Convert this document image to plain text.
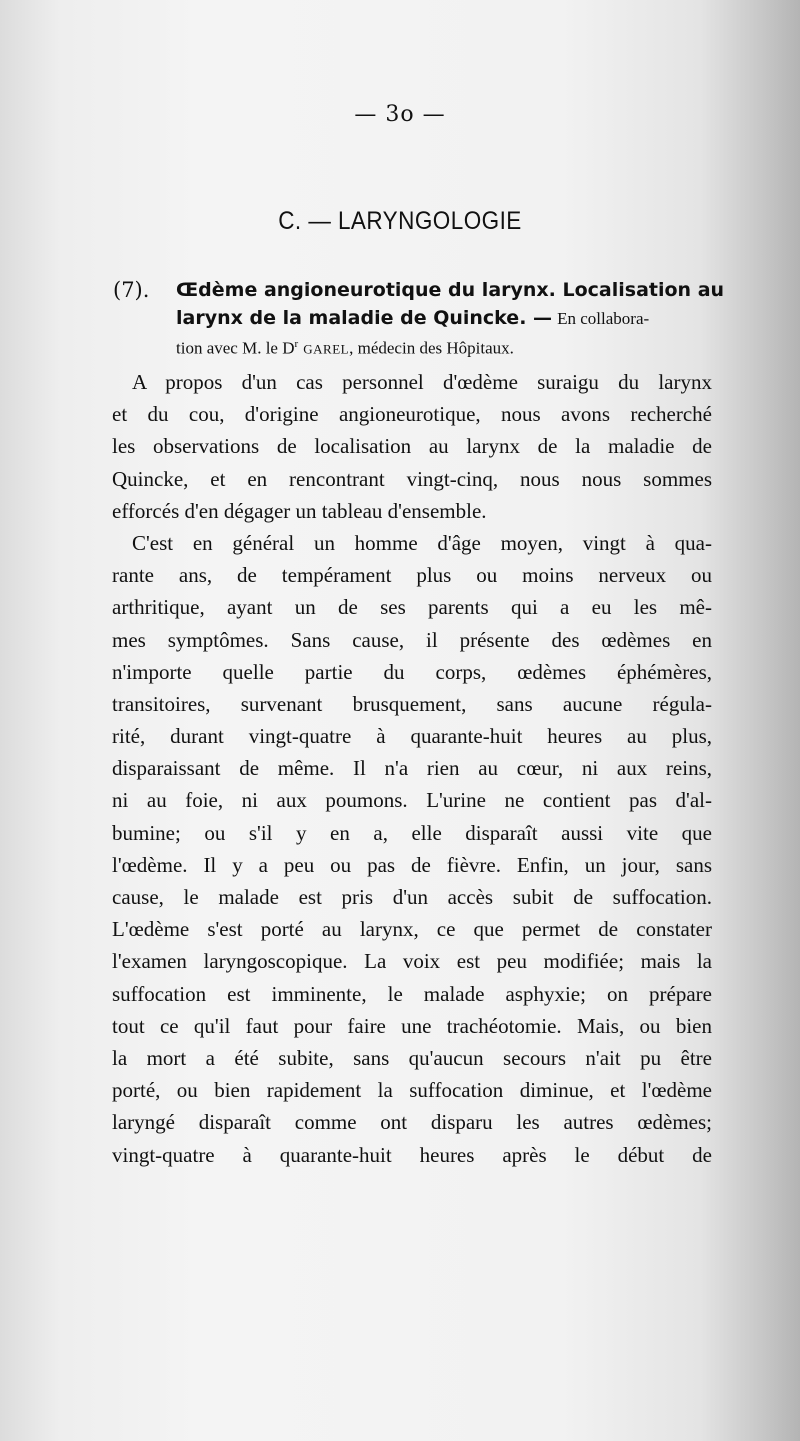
— 3o —
C. — LARYNGOLOGIE
(7). Œdème angioneurotique du larynx. Localisation au
larynx de la maladie de Quincke. — En collabora-
tion avec M. le D$^r$ GAREL, médecin des Hôpitaux.
A propos d'un cas personnel d'œdème suraigu du larynx
et du cou, d'origine angioneurotique, nous avons recherché
les observations de localisation au larynx de la maladie de
Quincke, et en rencontrant vingt-cinq, nous nous sommes
efforcés d'en dégager un tableau d'ensemble.
C'est en général un homme d'âge moyen, vingt à qua-
rante ans, de tempérament plus ou moins nerveux ou
arthritique, ayant un de ses parents qui a eu les mê-
mes symptômes. Sans cause, il présente des œdèmes en
n'importe quelle partie du corps, œdèmes éphémères,
transitoires, survenant brusquement, sans aucune régula-
rité, durant vingt-quatre à quarante-huit heures au plus,
disparaissant de même. Il n'a rien au cœur, ni aux reins,
ni au foie, ni aux poumons. L'urine ne contient pas d'al-
bumine; ou s'il y en a, elle disparaît aussi vite que
l'œdème. Il y a peu ou pas de fièvre. Enfin, un jour, sans
cause, le malade est pris d'un accès subit de suffocation.
L'œdème s'est porté au larynx, ce que permet de constater
l'examen laryngoscopique. La voix est peu modifiée; mais la
suffocation est imminente, le malade asphyxie; on prépare
tout ce qu'il faut pour faire une trachéotomie. Mais, ou bien
la mort a été subite, sans qu'aucun secours n'ait pu être
porté, ou bien rapidement la suffocation diminue, et l'œdème
laryngé disparaît comme ont disparu les autres œdèmes;
vingt-quatre à quarante-huit heures après le début de
